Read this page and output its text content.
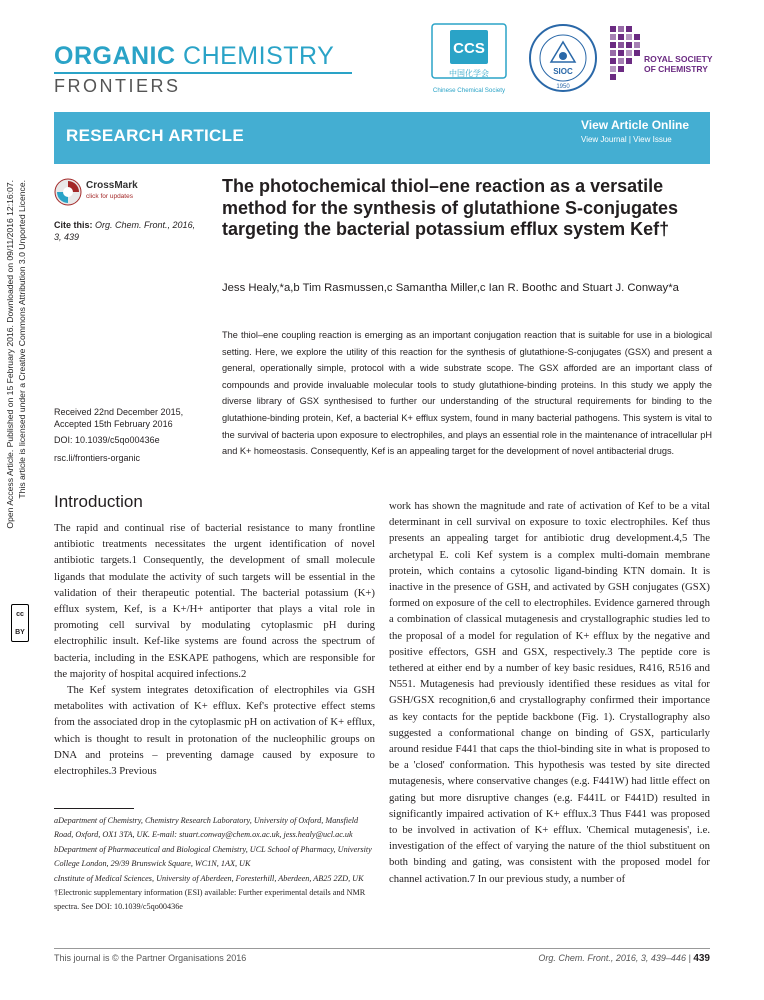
ORGANIC CHEMISTRY
FRONTIERS
CCS
中国化学会
Chinese Chemical Society
SIOC
1950
ROYAL SOCIETY
OF CHEMISTRY
RESEARCH ARTICLE
View Article Online
View Journal | View Issue
Open Access Article. Published on 15 February 2016. Downloaded on 09/11/2016 12:16:07. This article is licensed under a Creative Commons Attribution 3.0 Unported Licence.
cc
BY
CrossMark
click for updates
Cite this: Org. Chem. Front., 2016, 3, 439
Received 22nd December 2015,
Accepted 15th February 2016
DOI: 10.1039/c5qo00436e
rsc.li/frontiers-organic
The photochemical thiol–ene reaction as a versatile method for the synthesis of glutathione S-conjugates targeting the bacterial potassium efflux system Kef†
Jess Healy,*a,b Tim Rasmussen,c Samantha Miller,c Ian R. Boothc and Stuart J. Conway*a
The thiol–ene coupling reaction is emerging as an important conjugation reaction that is suitable for use in a biological setting. Here, we explore the utility of this reaction for the synthesis of glutathione-S-conjugates (GSX) and present a general, operationally simple, protocol with a wide substrate scope. The GSX afforded are an important class of compounds and provide invaluable molecular tools to study glutathione-binding proteins. In this study we apply the diverse library of GSX synthesised to further our understanding of the structural requirements for binding to the glutathione-binding protein, Kef, a bacterial K+ efflux system, found in many bacterial pathogens. This system is vital to the survival of bacteria upon exposure to electrophiles, and plays an essential role in the maintenance of intracellular pH and K+ homeostasis. Consequently, Kef is an appealing target for the development of novel antibacterial drugs.
Introduction

The rapid and continual rise of bacterial resistance to many frontline antibiotic treatments necessitates the urgent identification of novel antibiotic targets.1 Consequently, the development of small molecule ligands that modulate the activity of such targets will be essential in the validation of their therapeutic potential. The bacterial potassium (K+) efflux system, Kef, is a K+/H+ antiporter that plays a vital role in promoting cell survival by modulating cytoplasmic pH during electrophilic insult. Kef-like systems are found across the spectrum of bacteria, including in the ESKAPE pathogens, which are responsible for the majority of hospital acquired infections.2

The Kef system integrates detoxification of electrophiles via GSH metabolites with activation of K+ efflux. Kef's protective effect stems from the associated drop in the cytoplasmic pH on activation of K+ efflux, which is thought to result in protonation of the nucleophilic groups on DNA and proteins – preventing damage caused by exposure to electrophiles.3 Previous

work has shown the magnitude and rate of activation of Kef to be a vital determinant in cell survival on exposure to toxic electrophiles. Kef thus presents an appealing target for antibiotic drug development.4,5 The archetypal E. coli Kef system is a complex multi-domain membrane protein, which contains a cytosolic ligand-binding KTN domain. It is inactive in the presence of GSH, and activated by GSH conjugates (GSX) formed on exposure of the cell to electrophiles. Evidence garnered through a combination of classical mutagenesis and crystallographic studies led to the proposal of a model for regulation of K+ efflux by the negative and positive effectors, GSH and GSX, respectively.3 The peptide core is tethered at either end by a number of key basic residues, R416, R516 and N551. Mutagenesis had previously identified these residues as vital for GSH/GSX recognition,6 and crystallography confirmed their importance as key contacts for the peptide backbone (Fig. 1). Crystallography also suggested a conformational change on binding of GSX, particularly around residue F441 that caps the thiol-binding site in what is proposed to be a 'closed' conformation. This hypothesis was tested by site directed mutagenesis, where conservative changes (e.g. F441W) had little effect on gating but more disruptive changes (e.g. F441L or F441D) resulted in significantly impaired activation of K+ efflux.3 Thus F441 was proposed to be involved in activation of K+ efflux. 'Chemical mutagenesis', i.e. investigation of the effect of varying the nature of the thiol substituent on both binding and gating, was consistent with the proposed model for channel activation.7 In our previous study, a number of

aDepartment of Chemistry, Chemistry Research Laboratory, University of Oxford, Mansfield Road, Oxford, OX1 3TA, UK. E-mail: stuart.conway@chem.ox.ac.uk, jess.healy@ucl.ac.uk

bDepartment of Pharmaceutical and Biological Chemistry, UCL School of Pharmacy, University College London, 29/39 Brunswick Square, WC1N, 1AX, UK

cInstitute of Medical Sciences, University of Aberdeen, Foresterhill, Aberdeen, AB25 2ZD, UK

†Electronic supplementary information (ESI) available: Further experimental details and NMR spectra. See DOI: 10.1039/c5qo00436e

This journal is © the Partner Organisations 2016	Org. Chem. Front., 2016, 3, 439–446 | 439
